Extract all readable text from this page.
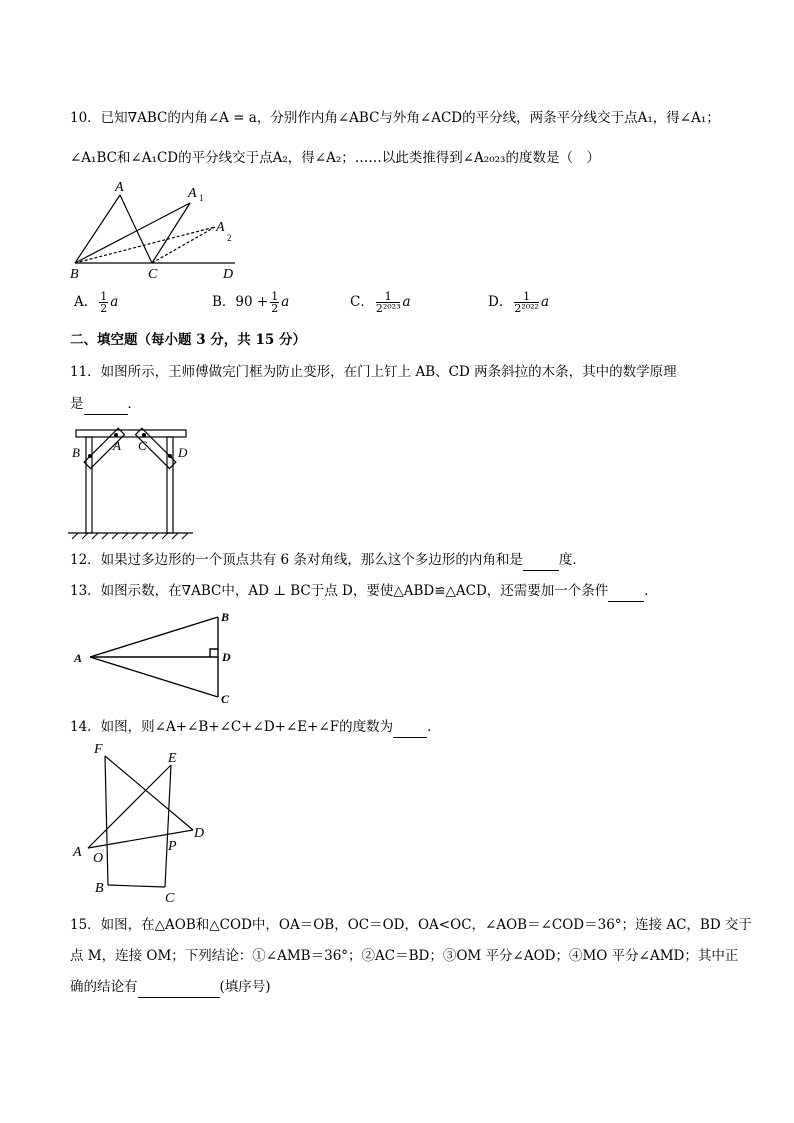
10．已知∇ABC的内角∠A = a，分别作内角∠ABC与外角∠ACD的平分线，两条平分线交于点A₁，得∠A₁；
∠A₁BC和∠A₁CD的平分线交于点A₂，得∠A₂；……以此类推得到∠A₂₀₂₃的度数是（　）
A	A 1
A
2
B	C	D
A． $\frac{1}{2}$ a	B．$90 + \frac{1}{2}$ a	C． $\frac{1}{\text{2²⁰²³}}$ a	D． $\frac{1}{\text{2²⁰²²}}$ a
二、填空题（每小题 3 分，共 15 分）
11．如图所示，王师傅做完门框为防止变形，在门上钉上 AB、CD 两条斜拉的木条，其中的数学原理
是	．
B	A C D
12．如果过多边形的一个顶点共有 6 条对角线，那么这个多边形的内角和是	度．
13．如图示数，在∇ABC中，AD ⊥ BC于点 D，要使△ABD≌△ACD，还需要加一个条件	．
A
B
D
C
14．如图，则∠A+∠B+∠C+∠D+∠E+∠F的度数为	．
F
E
D
A O
P
B
C
15．如图，在△AOB和△COD中，OA＝OB，OC＝OD，OA<OC，∠AOB＝∠COD＝36°；连接 AC，BD 交于
点 M，连接 OM；下列结论：①∠AMB＝36°；②AC＝BD；③OM 平分∠AOD；④MO 平分∠AMD；其中正
确的结论有	(填序号)
